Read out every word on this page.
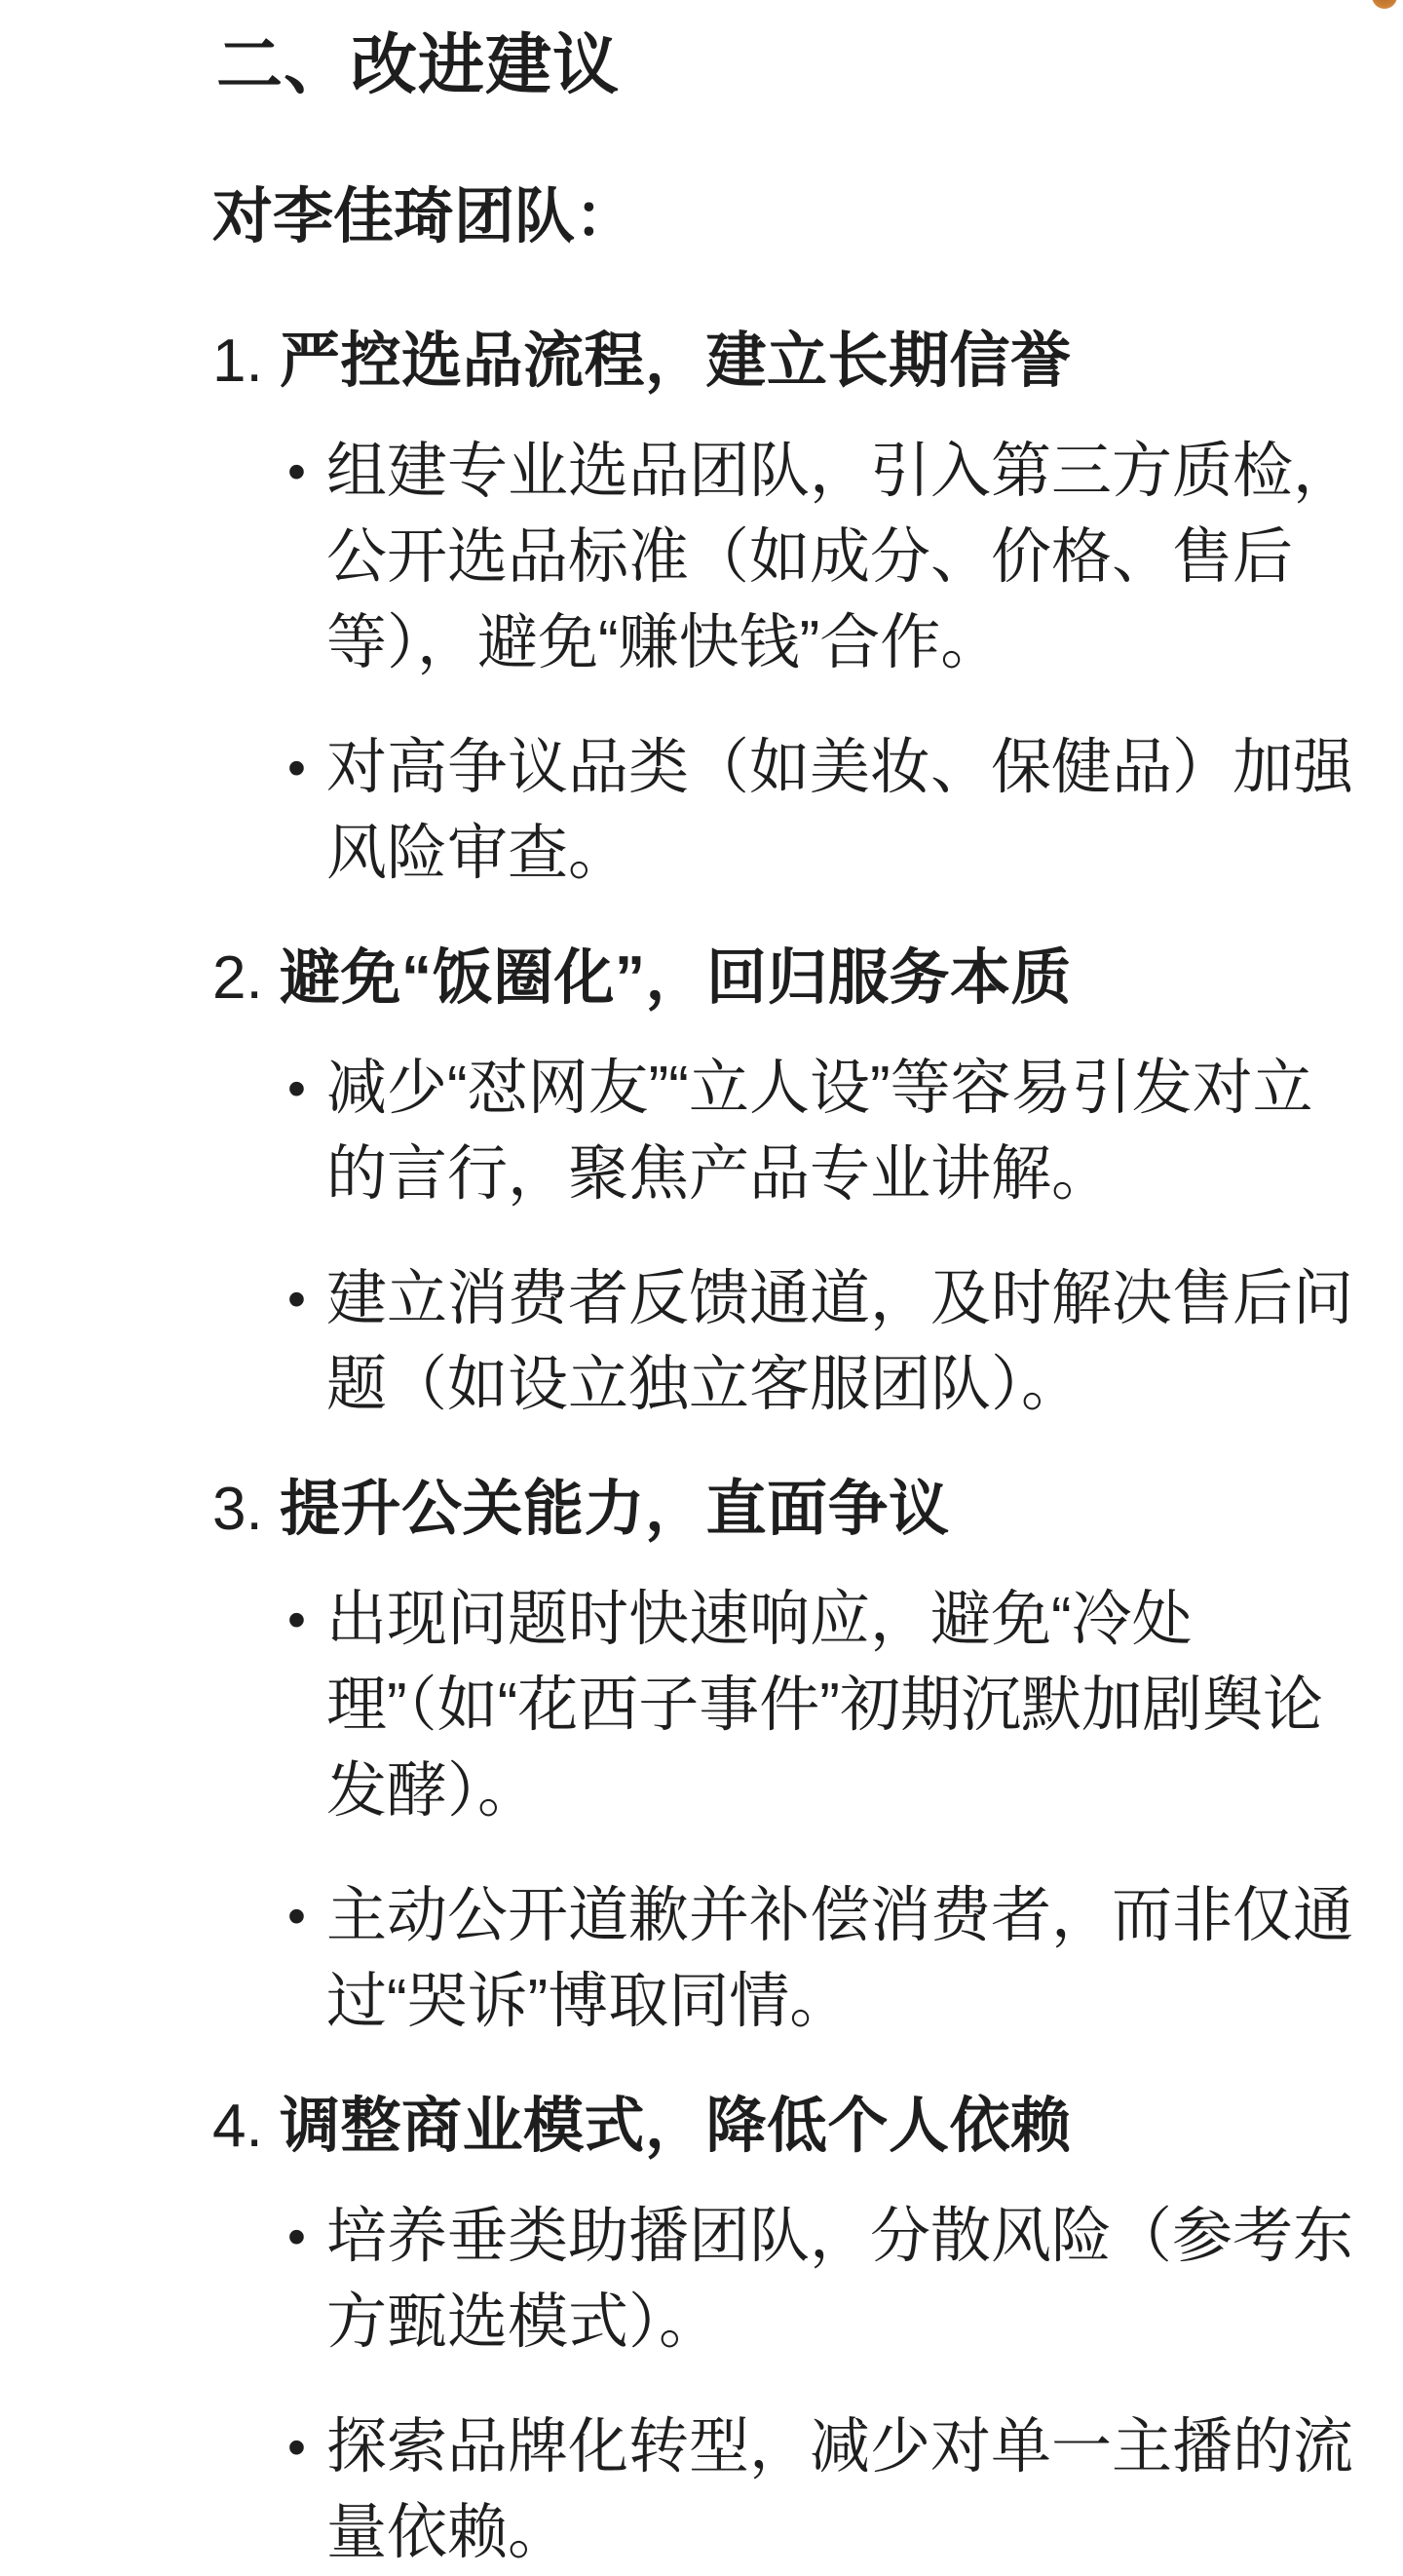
二、改进建议

对李佳琦团队：

1. 严控选品流程，建立长期信誉
• 组建专业选品团队，引入第三方质检，公开选品标准（如成分、价格、售后等），避免“赚快钱”合作。
• 对高争议品类（如美妆、保健品）加强风险审查。
2. 避免“饭圈化”，回归服务本质
• 减少“怼网友”“立人设”等容易引发对立的言行，聚焦产品专业讲解。
• 建立消费者反馈通道，及时解决售后问题（如设立独立客服团队）。
3. 提升公关能力，直面争议
• 出现问题时快速响应，避免“冷处理”（如“花西子事件”初期沉默加剧舆论发酵）。
• 主动公开道歉并补偿消费者，而非仅通过“哭诉”博取同情。
4. 调整商业模式，降低个人依赖
• 培养垂类助播团队，分散风险（参考东方甄选模式）。
• 探索品牌化转型，减少对单一主播的流量依赖。
